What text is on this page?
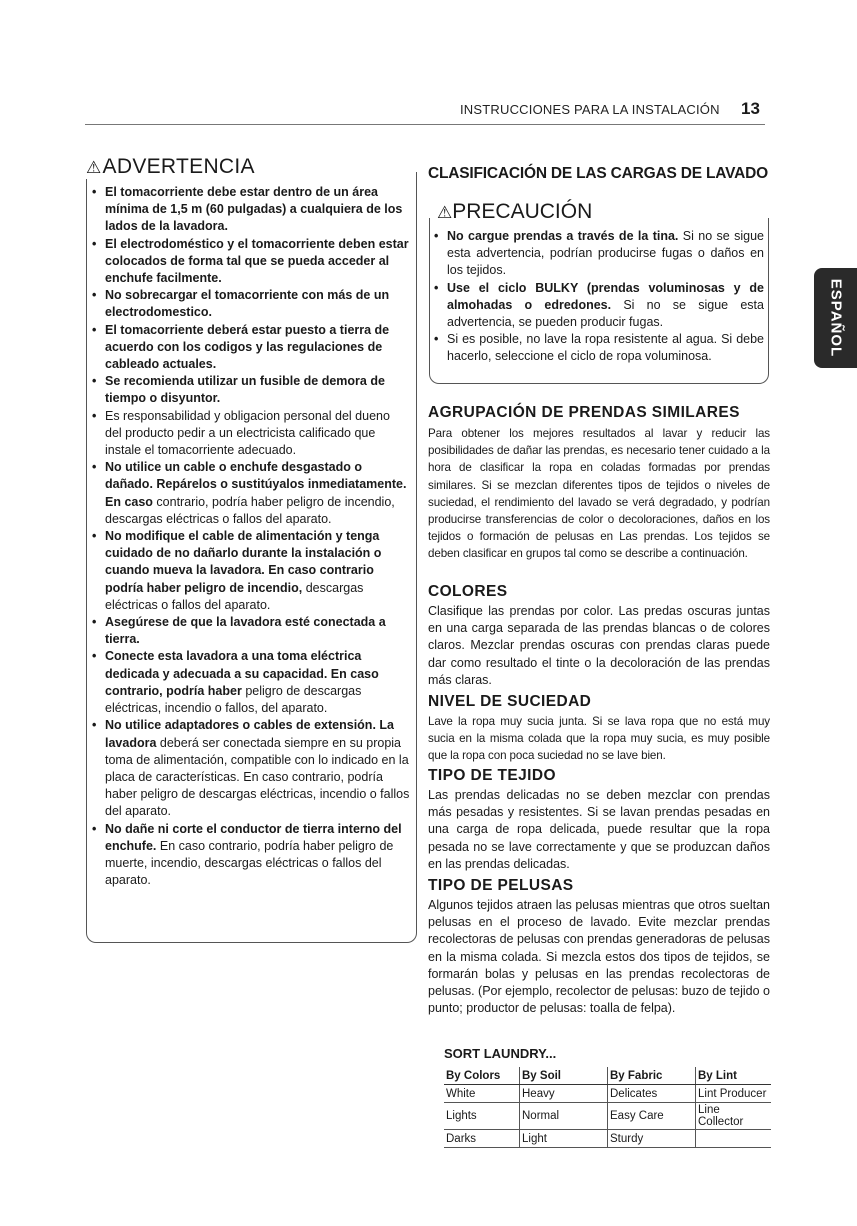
INSTRUCCIONES PARA LA INSTALACIÓN 13
ESPAÑOL
⚠ADVERTENCIA
• El tomacorriente debe estar dentro de un área mínima de 1,5 m (60 pulgadas) a cualquiera de los lados de la lavadora.
• El electrodoméstico y el tomacorriente deben estar colocados de forma tal que se pueda acceder al enchufe facilmente.
• No sobrecargar el tomacorriente con más de un electrodomestico.
• El tomacorriente deberá estar puesto a tierra de acuerdo con los codigos y las regulaciones de cableado actuales.
• Se recomienda utilizar un fusible de demora de tiempo o disyuntor.
• Es responsabilidad y obligacion personal del dueno del producto pedir a un electricista calificado que instale el tomacorriente adecuado.
• No utilice un cable o enchufe desgastado o dañado. Repárelos o sustitúyalos inmediatamente. En caso contrario, podría haber peligro de incendio, descargas eléctricas o fallos del aparato.
• No modifique el cable de alimentación y tenga cuidado de no dañarlo durante la instalación o cuando mueva la lavadora. En caso contrario podría haber peligro de incendio, descargas eléctricas o fallos del aparato.
• Asegúrese de que la lavadora esté conectada a tierra.
• Conecte esta lavadora a una toma eléctrica dedicada y adecuada a su capacidad. En caso contrario, podría haber peligro de descargas eléctricas, incendio o fallos, del aparato.
• No utilice adaptadores o cables de extensión. La lavadora deberá ser conectada siempre en su propia toma de alimentación, compatible con lo indicado en la placa de características. En caso contrario, podría haber peligro de descargas eléctricas, incendio o fallos del aparato.
• No dañe ni corte el conductor de tierra interno del enchufe. En caso contrario, podría haber peligro de muerte, incendio, descargas eléctricas o fallos del aparato.
CLASIFICACIÓN DE LAS CARGAS DE LAVADO
⚠PRECAUCIÓN
• No cargue prendas a través de la tina. Si no se sigue esta advertencia, podrían producirse fugas o daños en los tejidos.
• Use el ciclo BULKY (prendas voluminosas y de almohadas o edredones. Si no se sigue esta advertencia, se pueden producir fugas.
• Si es posible, no lave la ropa resistente al agua. Si debe hacerlo, seleccione el ciclo de ropa voluminosa.
AGRUPACIÓN DE PRENDAS SIMILARES
Para obtener los mejores resultados al lavar y reducir las posibilidades de dañar las prendas, es necesario tener cuidado a la hora de clasificar la ropa en coladas formadas por prendas similares. Si se mezclan diferentes tipos de tejidos o niveles de suciedad, el rendimiento del lavado se verá degradado, y podrían producirse transferencias de color o decoloraciones, daños en los tejidos o formación de pelusas en Las prendas. Los tejidos se deben clasificar en grupos tal como se describe a continuación.
COLORES
Clasifique las prendas por color. Las predas oscuras juntas en una carga separada de las prendas blancas o de colores claros. Mezclar prendas oscuras con prendas claras puede dar como resultado el tinte o la decoloración de las prendas más claras.
NIVEL DE SUCIEDAD
Lave la ropa muy sucia junta. Si se lava ropa que no está muy sucia en la misma colada que la ropa muy sucia, es muy posible que la ropa con poca suciedad no se lave bien.
TIPO DE TEJIDO
Las prendas delicadas no se deben mezclar con prendas más pesadas y resistentes. Si se lavan prendas pesadas en una carga de ropa delicada, puede resultar que la ropa pesada no se lave correctamente y que se produzcan daños en las prendas delicadas.
TIPO DE PELUSAS
Algunos tejidos atraen las pelusas mientras que otros sueltan pelusas en el proceso de lavado. Evite mezclar prendas recolectoras de pelusas con prendas generadoras de pelusas en la misma colada. Si mezcla estos dos tipos de tejidos, se formarán bolas y pelusas en las prendas recolectoras de pelusas. (Por ejemplo, recolector de pelusas: buzo de tejido o punto; productor de pelusas: toalla de felpa).
SORT LAUNDRY...
By Colors	By Soil	By Fabric	By Lint
White	Heavy	Delicates	Lint Producer
Lights	Normal	Easy Care	Line Collector
Darks	Light	Sturdy	
